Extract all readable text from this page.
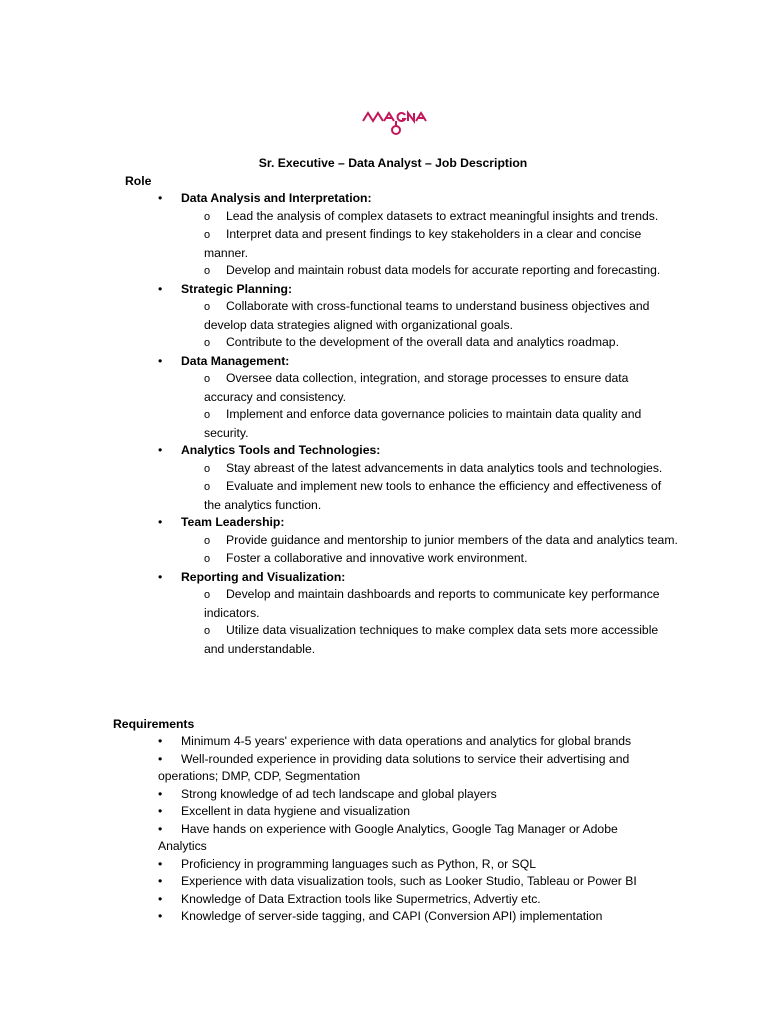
Sr. Executive – Data Analyst – Job Description
Role
• Data Analysis and Interpretation:
o Lead the analysis of complex datasets to extract meaningful insights and trends.
o Interpret data and present findings to key stakeholders in a clear and concise manner.
o Develop and maintain robust data models for accurate reporting and forecasting.
• Strategic Planning:
o Collaborate with cross-functional teams to understand business objectives and develop data strategies aligned with organizational goals.
o Contribute to the development of the overall data and analytics roadmap.
• Data Management:
o Oversee data collection, integration, and storage processes to ensure data accuracy and consistency.
o Implement and enforce data governance policies to maintain data quality and security.
• Analytics Tools and Technologies:
o Stay abreast of the latest advancements in data analytics tools and technologies.
o Evaluate and implement new tools to enhance the efficiency and effectiveness of the analytics function.
• Team Leadership:
o Provide guidance and mentorship to junior members of the data and analytics team.
o Foster a collaborative and innovative work environment.
• Reporting and Visualization:
o Develop and maintain dashboards and reports to communicate key performance indicators.
o Utilize data visualization techniques to make complex data sets more accessible and understandable.
Requirements
• Minimum 4-5 years' experience with data operations and analytics for global brands
• Well-rounded experience in providing data solutions to service their advertising and operations; DMP, CDP, Segmentation
• Strong knowledge of ad tech landscape and global players
• Excellent in data hygiene and visualization
• Have hands on experience with Google Analytics, Google Tag Manager or Adobe Analytics
• Proficiency in programming languages such as Python, R, or SQL
• Experience with data visualization tools, such as Looker Studio, Tableau or Power BI
• Knowledge of Data Extraction tools like Supermetrics, Advertiy etc.
• Knowledge of server-side tagging, and CAPI (Conversion API) implementation
